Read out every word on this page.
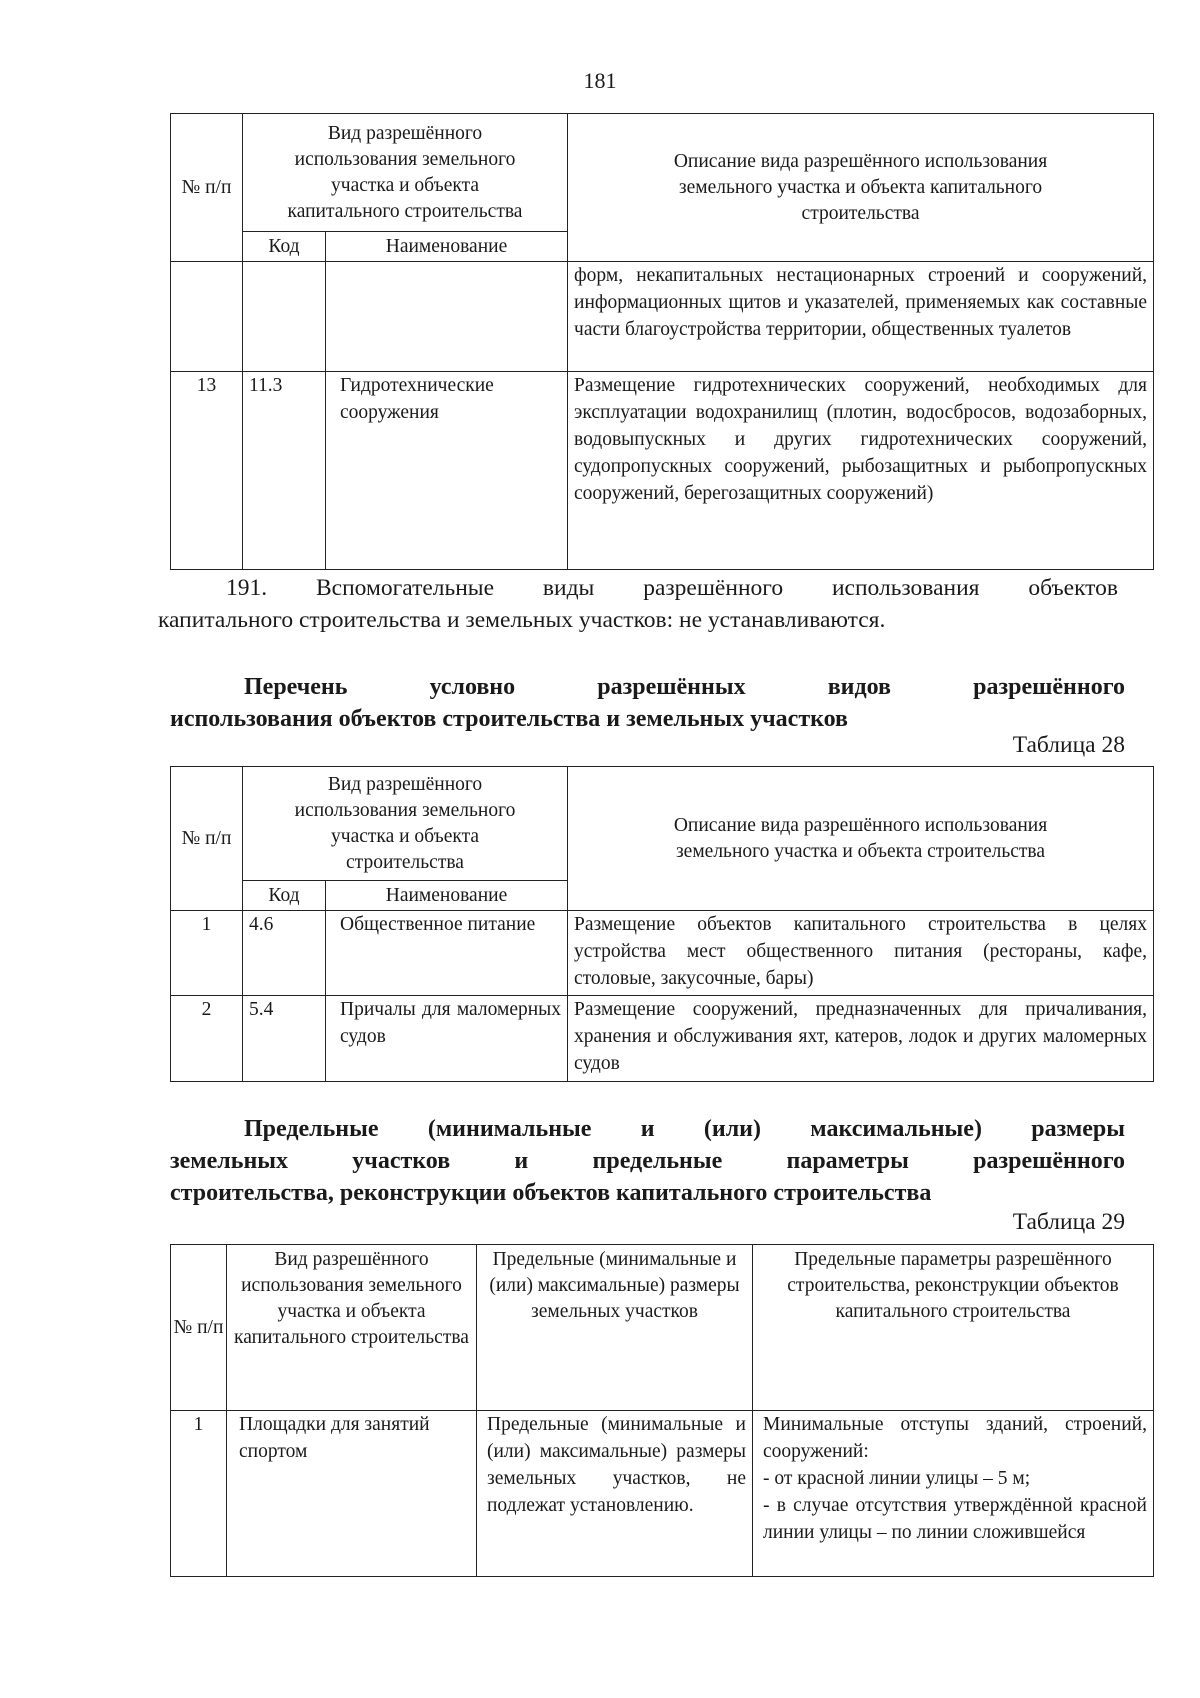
181
№ п/п	Вид разрешённого
использования земельного
участка и объекта
капитального строительства		Описание вида разрешённого использования
земельного участка и объекта капитального
строительства
	Код	Наименование	
			форм, некапитальных нестационарных строений и сооружений, информационных щитов и указателей, применяемых как составные части благоустройства территории, общественных туалетов
13	11.3	Гидротехнические сооружения	Размещение гидротехнических сооружений, необходимых для эксплуатации водохранилищ (плотин, водосбросов, водозаборных, водовыпускных и других гидротехнических сооружений, судопропускных сооружений, рыбозащитных и рыбопропускных сооружений, берегозащитных сооружений)
191. Вспомогательные виды разрешённого использования объектов
капитального строительства и земельных участков: не устанавливаются.
Перечень условно разрешённых видов разрешённого
использования объектов строительства и земельных участков
Таблица 28
№ п/п	Вид разрешённого
использования земельного
участка и объекта
строительства		Описание вида разрешённого использования
земельного участка и объекта строительства
	Код	Наименование	
1	4.6	Общественное питание	Размещение объектов капитального строительства в целях устройства мест общественного питания (рестораны, кафе, столовые, закусочные, бары)
2	5.4	Причалы для маломерных судов	Размещение сооружений, предназначенных для причаливания, хранения и обслуживания яхт, катеров, лодок и других маломерных судов
Предельные (минимальные и (или) максимальные) размеры
земельных участков и предельные параметры разрешённого
строительства, реконструкции объектов капитального строительства
Таблица 29
№ п/п	Вид разрешённого использования земельного участка и объекта капитального строительства	Предельные (минимальные и (или) максимальные) размеры земельных участков	Предельные параметры разрешённого строительства, реконструкции объектов капитального строительства
1	Площадки для занятий спортом	Предельные (минимальные и (или) максимальные) размеры земельных участков, не подлежат установлению.	Минимальные отступы зданий, строений, сооружений:
- от красной линии улицы – 5 м;
- в случае отсутствия утверждённой красной линии улицы – по линии сложившейся
